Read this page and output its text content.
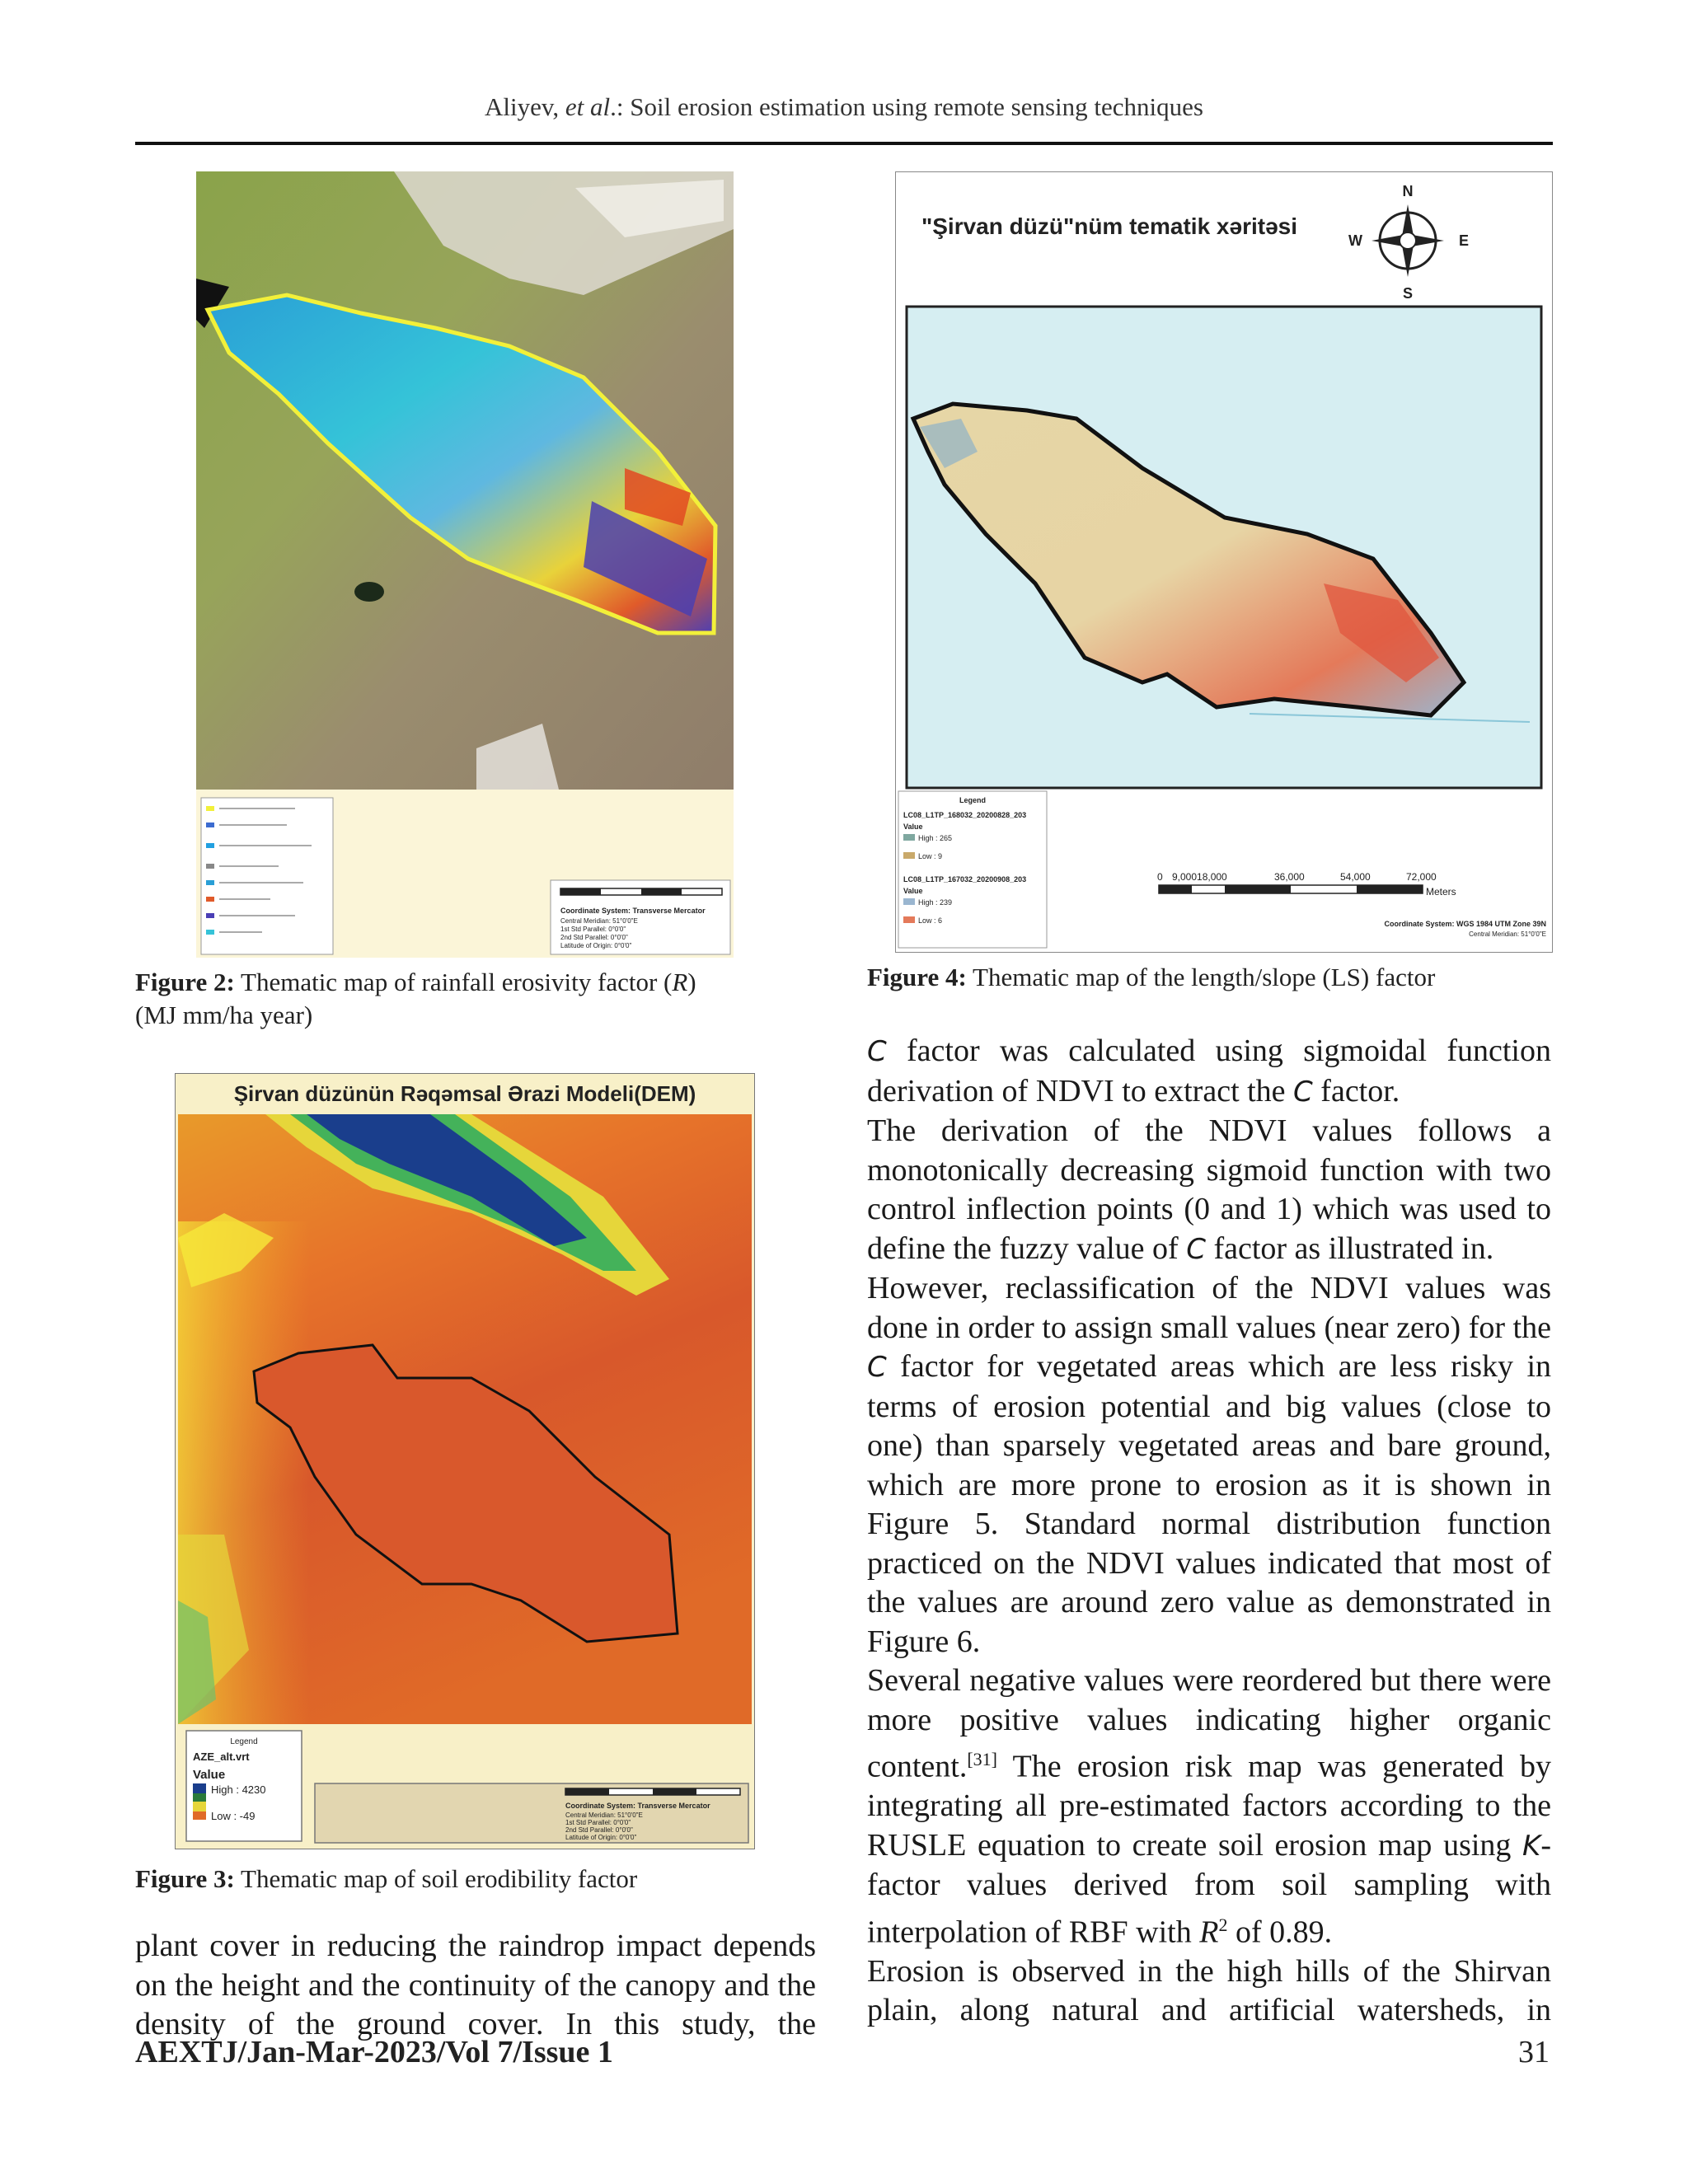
Aliyev, et al.: Soil erosion estimation using remote sensing techniques
Coordinate System: Transverse Mercator
Central Meridian: 51°0'0"E
1st Std Parallel: 0°0'0"
2nd Std Parallel: 0°0'0"
Latitude of Origin: 0°0'0"
Figure 2: Thematic map of rainfall erosivity factor (R)
(MJ mm/ha year)
Şirvan düzünün Rəqəmsal Ərazi Modeli(DEM)
Legend
AZE_alt.vrt
Value
High : 4230
Low : -49
Coordinate System: Transverse Mercator
Central Meridian: 51°0'0"E
1st Std Parallel: 0°0'0"
2nd Std Parallel: 0°0'0"
Latitude of Origin: 0°0'0"
Figure 3: Thematic map of soil erodibility factor

plant cover in reducing the raindrop impact depends on the height and the continuity of the canopy and the density of the ground cover. In this study, the

"Şirvan düzü"nüm tematik xəritəsi
N
S
E
W
Legend
LC08_L1TP_168032_20200828_203
Value
High : 265
Low : 9
LC08_L1TP_167032_20200908_203
Value
High : 239
Low : 6
0 9,00018,000	36,000	54,000	72,000
Meters
Coordinate System: WGS 1984 UTM Zone 39N
Central Meridian: 51°0'0"E
Figure 4: Thematic map of the length/slope (LS) factor

C factor was calculated using sigmoidal function derivation of NDVI to extract the C factor.

The derivation of the NDVI values follows a monotonically decreasing sigmoid function with two control inflection points (0 and 1) which was used to define the fuzzy value of C factor as illustrated in.

However, reclassification of the NDVI values was done in order to assign small values (near zero) for the C factor for vegetated areas which are less risky in terms of erosion potential and big values (close to one) than sparsely vegetated areas and bare ground, which are more prone to erosion as it is shown in Figure 5. Standard normal distribution function practiced on the NDVI values indicated that most of the values are around zero value as demonstrated in Figure 6.

Several negative values were reordered but there were more positive values indicating higher organic content.[31] The erosion risk map was generated by integrating all pre-estimated factors according to the RUSLE equation to create soil erosion map using K-factor values derived from soil sampling with interpolation of RBF with $R^2$ of 0.89.

Erosion is observed in the high hills of the Shirvan plain, along natural and artificial watersheds, in

AEXTJ/Jan-Mar-2023/Vol 7/Issue 1	31
